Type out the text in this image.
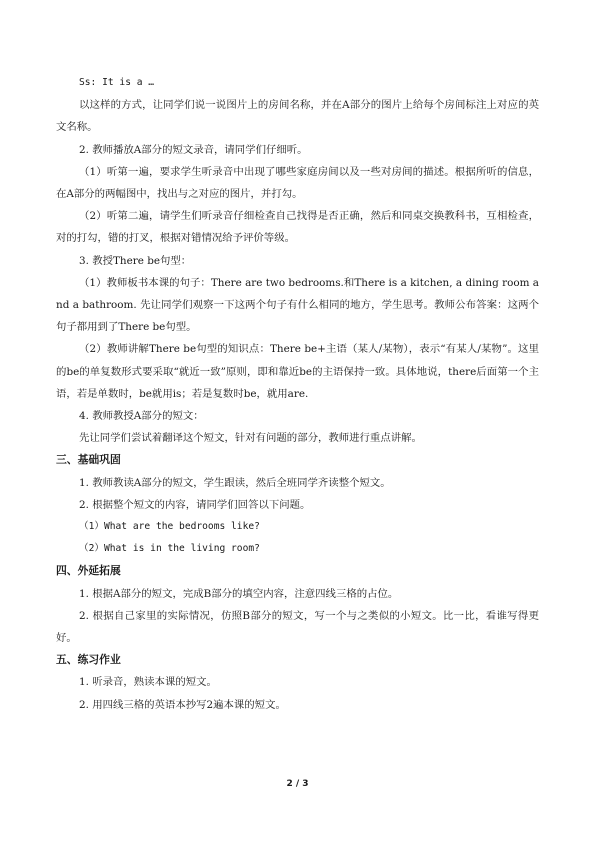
Ss: It is a …

以这样的方式，让同学们说一说图片上的房间名称，并在A部分的图片上给每个房间标注上对应的英文名称。

2. 教师播放A部分的短文录音，请同学们仔细听。

（1）听第一遍，要求学生听录音中出现了哪些家庭房间以及一些对房间的描述。根据所听的信息，在A部分的两幅图中，找出与之对应的图片，并打勾。

（2）听第二遍，请学生们听录音仔细检查自己找得是否正确，然后和同桌交换教科书，互相检查，对的打勾，错的打叉，根据对错情况给予评价等级。

3. 教授There be句型：

（1）教师板书本课的句子：There are two bedrooms.和There is a kitchen, a dining room and a bathroom. 先让同学们观察一下这两个句子有什么相同的地方，学生思考。教师公布答案：这两个句子都用到了There be句型。

（2）教师讲解There be句型的知识点：There be+主语（某人/某物），表示“有某人/某物”。这里的be的单复数形式要采取“就近一致”原则，即和靠近be的主语保持一致。具体地说，there后面第一个主语，若是单数时，be就用is；若是复数时be，就用are.

4. 教师教授A部分的短文：

先让同学们尝试着翻译这个短文，针对有问题的部分，教师进行重点讲解。

三、基础巩固

1. 教师教读A部分的短文，学生跟读，然后全班同学齐读整个短文。

2. 根据整个短文的内容，请同学们回答以下问题。

（1）What are the bedrooms like?

（2）What is in the living room?

四、外延拓展

1. 根据A部分的短文，完成B部分的填空内容，注意四线三格的占位。

2. 根据自己家里的实际情况，仿照B部分的短文，写一个与之类似的小短文。比一比，看谁写得更好。

五、练习作业

1. 听录音，熟读本课的短文。

2. 用四线三格的英语本抄写2遍本课的短文。

2 / 3
